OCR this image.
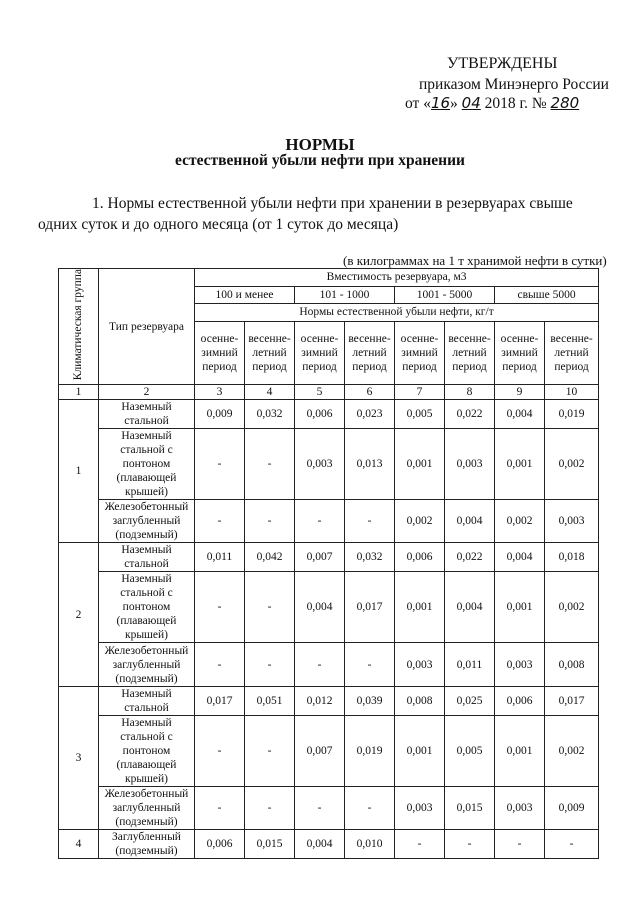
УТВЕРЖДЕНЫ
приказом Минэнерго России
от «16» 04 2018 г. № 280
НОРМЫ
естественной убыли нефти при хранении
1. Нормы естественной убыли нефти при хранении в резервуарах свыше одних суток и до одного месяца (от 1 суток до месяца)
(в килограммах на 1 т хранимой нефти в сутки)
Климатическая группа	Тип резервуара	Вместимость резервуара, м3							
		100 и менее		101 - 1000		1001 - 5000		свыше 5000	
		Нормы естественной убыли нефти, кг/т							
		осенне-зимний период	весенне-летний период	осенне-зимний период	весенне-летний период	осенне-зимний период	весенне-летний период	осенне-зимний период	весенне-летний период
1	2	3	4	5	6	7	8	9	10
1	Наземный стальной	0,009	0,032	0,006	0,023	0,005	0,022	0,004	0,019
	Наземный стальной с понтоном (плавающей крышей)	-	-	0,003	0,013	0,001	0,003	0,001	0,002
	Железобетонный заглубленный (подземный)	-	-	-	-	0,002	0,004	0,002	0,003
2	Наземный стальной	0,011	0,042	0,007	0,032	0,006	0,022	0,004	0,018
	Наземный стальной с понтоном (плавающей крышей)	-	-	0,004	0,017	0,001	0,004	0,001	0,002
	Железобетонный заглубленный (подземный)	-	-	-	-	0,003	0,011	0,003	0,008
3	Наземный стальной	0,017	0,051	0,012	0,039	0,008	0,025	0,006	0,017
	Наземный стальной с понтоном (плавающей крышей)	-	-	0,007	0,019	0,001	0,005	0,001	0,002
	Железобетонный заглубленный (подземный)	-	-	-	-	0,003	0,015	0,003	0,009
4	Заглубленный (подземный)	0,006	0,015	0,004	0,010	-	-	-	-
